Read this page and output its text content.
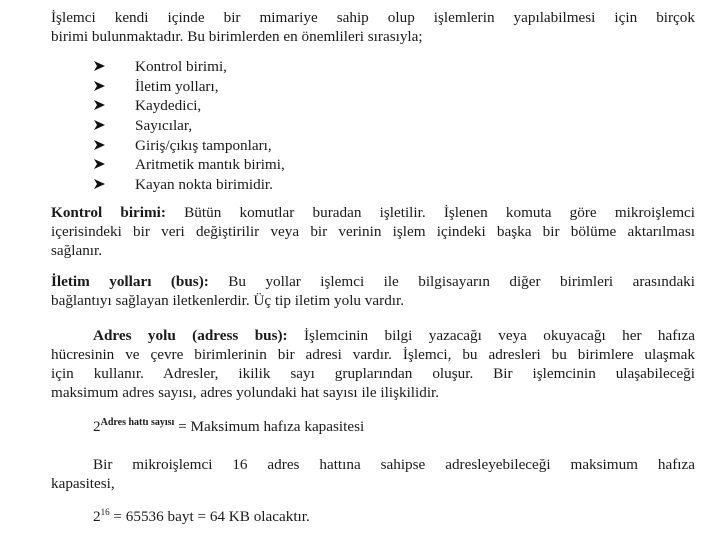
İşlemci kendi içinde bir mimariye sahip olup işlemlerin yapılabilmesi için birçok
birimi bulunmaktadır. Bu birimlerden en önemlileri sırasıyla;
Kontrol birimi,
İletim yolları,
Kaydedici,
Sayıcılar,
Giriş/çıkış tamponları,
Aritmetik mantık birimi,
Kayan nokta birimidir.
Kontrol birimi: Bütün komutlar buradan işletilir. İşlenen komuta göre mikroişlemci
içerisindeki bir veri değiştirilir veya bir verinin işlem içindeki başka bir bölüme aktarılması
sağlanır.
İletim yolları (bus): Bu yollar işlemci ile bilgisayarın diğer birimleri arasındaki
bağlantıyı sağlayan iletkenlerdir. Üç tip iletim yolu vardır.
Adres yolu (adress bus): İşlemcinin bilgi yazacağı veya okuyacağı her hafıza
hücresinin ve çevre birimlerinin bir adresi vardır. İşlemci, bu adresleri bu birimlere ulaşmak
için kullanır. Adresler, ikilik sayı gruplarından oluşur. Bir işlemcinin ulaşabileceği
maksimum adres sayısı, adres yolundaki hat sayısı ile ilişkilidir.
$2^{Adres hattı sayısı}$ = Maksimum hafıza kapasitesi
Bir mikroişlemci 16 adres hattına sahipse adresleyebileceği maksimum hafıza
kapasitesi,
$2^{16} = 65536$ bayt = 64 KB olacaktır.
